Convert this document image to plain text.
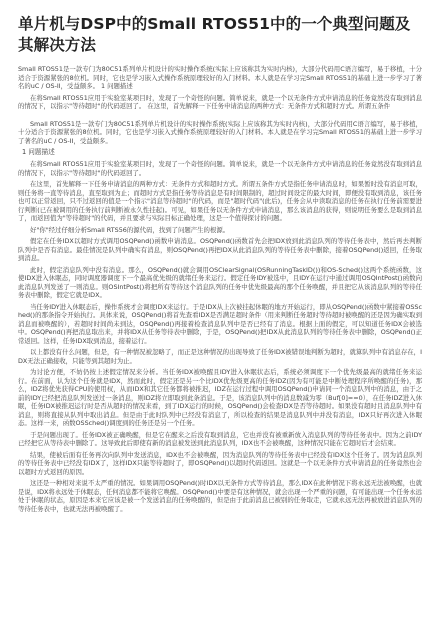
单片机与DSP中的Small RTOS51中的一个典型问题及其解决方法

Small RTOS51是一款专门为80C51系列单片机设计的实时操作系统(实际上应该称其为实时内核)，大部分代码用C语言编写，易于移植，十分适合于资源紧张的8位机。同时，它也是学习嵌入式操作系统原理较好的入门材料。本人就是在学习完Small RTOS51的基础上进一步学习了著名的uC / OS-II，受益颇多。 1 问题描述

在将Small RTOS51应用于实验室某项目时，发现了一个奇怪的问题。简单说来，就是一个以无条件方式申请消息的任务竟然没有取到消息的情况下，以指示"等待超时"的代码返回了。 在这里，首先解释一下任务申请消息的两种方式：无条件方式和超时方式。所谓五条件

Small RTOS51是一款专门为80C51系列单片机设计的实时操作系统(实际上应该称其为实时内核)，大部分代码用C语言编写，易于移植，十分适合于资源紧张的8位机。同时，它也是学习嵌入式操作系统原理较好的入门材料。本人就是在学习完Small RTOS51的基础上进一步学习了著名的uC / OS-II，受益颇多。

1 问题描述

在将Small RTOS51应用于实验室某项目时，发现了一个奇怪的问题。简单说来，就是一个以无条件方式申请消息的任务竟然没有取到消息的情况下，以指示"等待超时"的代码返回了。

在这里，首先解释一下任务申请消息的两种方式：无条件方式和超时方式。所谓五条件方式是指任务申请消息时，如果暂时没有消息可取，则任务将一直等待消息，直至取到为止；而超时方式是指任务等待消息是有时间限制的，超过时间设定的最大时间，即便没有取到消息，该任务也可以正常返回，只不过返回的值是一个指示"消息等待超时"的代码，而是"超时代码"(此后)，任务会从中读取消息的任务在执行任务前需要进行判断(已在被调用的任务执行前判断被永久性挂起)。可见，如果任务以无条件方式申请消息，那么该消息的获得，则说明任务要么是取到消息了，而返回值为"等待超时"的代码，并且要求与实际目标正确处理，这是一个值得探讨的问题。

好"你"经过仔细分析Small RTS56的源代码，找到了问题产生的根源。

假定在任务IDX以超时方式调用OSQPend()函数申请消息。OSQPend()函数首先会把IDX放到此消息队列的等待任务表中，然后再去判断队列中是否有消息。最佳情况是队列中确实有消息，则OSQPend()再把IDX从此消息队列的等待任务表中删除，接着OSQPend()返回，任务取到消息。

此时，假定消息队列中没有消息。那么，OSQPend()就会调用OSClearSignal(OSRunningTaskID())和OS-Sched()这两个系统函数，这使IDX进入休眠态，同时调度器调度下一个最高优先级的就绪任务来运行。假定任务IDY被选中，且IDY在运行中通过调用OSQIntPost()函数向此消息队列发送了一则消息。则OSIntPost()将把所有等待这个消息队列的任务中优先级最高的那个任务唤醒，并且把它从该消息队列的等待任务表中删除，假定它就是IDX。

当任务IDY进入休眠态后，操作系统才会调度IDX来运行。于是IDX从上次被挂起休眠的地方开始运行，即从OSQPend()函数中紧接着OSSched()的那条指令开始执行。具体来说，OSQPend()将首先查看IDX是否满足超时条件（用来判断任务超时等待超时被唤醒的还是因为确实取到消息而被唤醒的），若超时时间尚未到达，OSQPend()再接着检查消息队列中是否已经有了消息。根据上面的假定，可以知道任务IDX会被选中。OSQPend()再把消息取出来，并将IDX从任务等待表中删除，于是，OSQPend()把IDX从此消息队列的等待任务表中删除，OSQPend()正常返回。这样，任务IDX取到消息，接着运行。

以上都没有什么问题，但是，有一种情况被忽略了，而正是这种情况的出现导致了任务IDX被错误地判断为超时，就算队列中有消息存在，IDX无法正确接收，只能等到其超时为止。

为讨论方便，不妨仍按上述假定情况来分析。当任务IDX被唤醒且IDY进入休眠状态后，系统必须调度下一个优先级最高的就绪任务来运行。在前面，认为这个任务就是IDX，然而此时，假定还是另一个比IDX优先级更高的任务IDZ(因为有可能是中断处理程序所唤醒的任务)，那么，IDZ将优先获得CPU的使用权，从而IDX和其它任务都将被推迟，IDZ在运行过程中调用OSQPend()申请同一个消息队列中的消息，由于之前的IDY已经把消息队列发送过一条消息，则IDZ将立即取到此条消息。于是，该消息队列中的消息数减为零（Buf[0]==0），在任务IDZ进入休眠，任务IDX被推迟运行时是否从超时的情况来看，到了IDX运行的时候，OSQPend()会检查IDX是否等待超时。如果没有超时且消息队列中有消息，则将直接从队列中取出消息。但是由于此时队列中已经没有消息了，所以检查的结果是消息队列中并没有消息，IDX只好再次进入休眠态。这样一来，函数OSSched()调度到的任务还是另一个任务。

于是问题出现了。任务IDX被正确唤醒，但是它在醒来之后没有取到消息，它也并没有被重新放入消息队列的等待任务表中。因为之前IDY已经把它从等待表中删除了。这导致此后即使有新的消息被发送到此消息队列，IDX也不会被唤醒，这种情况只能在它超时后才会结束。

结果，使被后面有任务再次向队列中发送消息，IDX也不会被唤醒，因为消息队列的等待任务表中已经没有IDX这个任务了。因为消息队列的等待任务表中已经没有IDX了，这样IDX只能等待超时了，即OSQPend()以超时代码返回。这就是一个以无条件方式申请消息的任务竟然也会以超时方式返回的原因。

这还是一种相对来说不太严重的情况。如果调用OSQPend()时IDX以无条件方式等待消息，那么IDX在此种情况下将永远无法被唤醒，也就是说，IDX将永远处于休眠态，任何消息都不能将它唤醒。OSQPend()中要是有这种情况，就会出现一个严重的问题，有可能出现一个任务永远处于休眠的状态，原因是本来它应该是被一个发送消息的任务唤醒的，但是由于此前消息已被别的任务取走，它就永远无法再被放进消息队列的等待任务表中，也就无法再被唤醒了。
